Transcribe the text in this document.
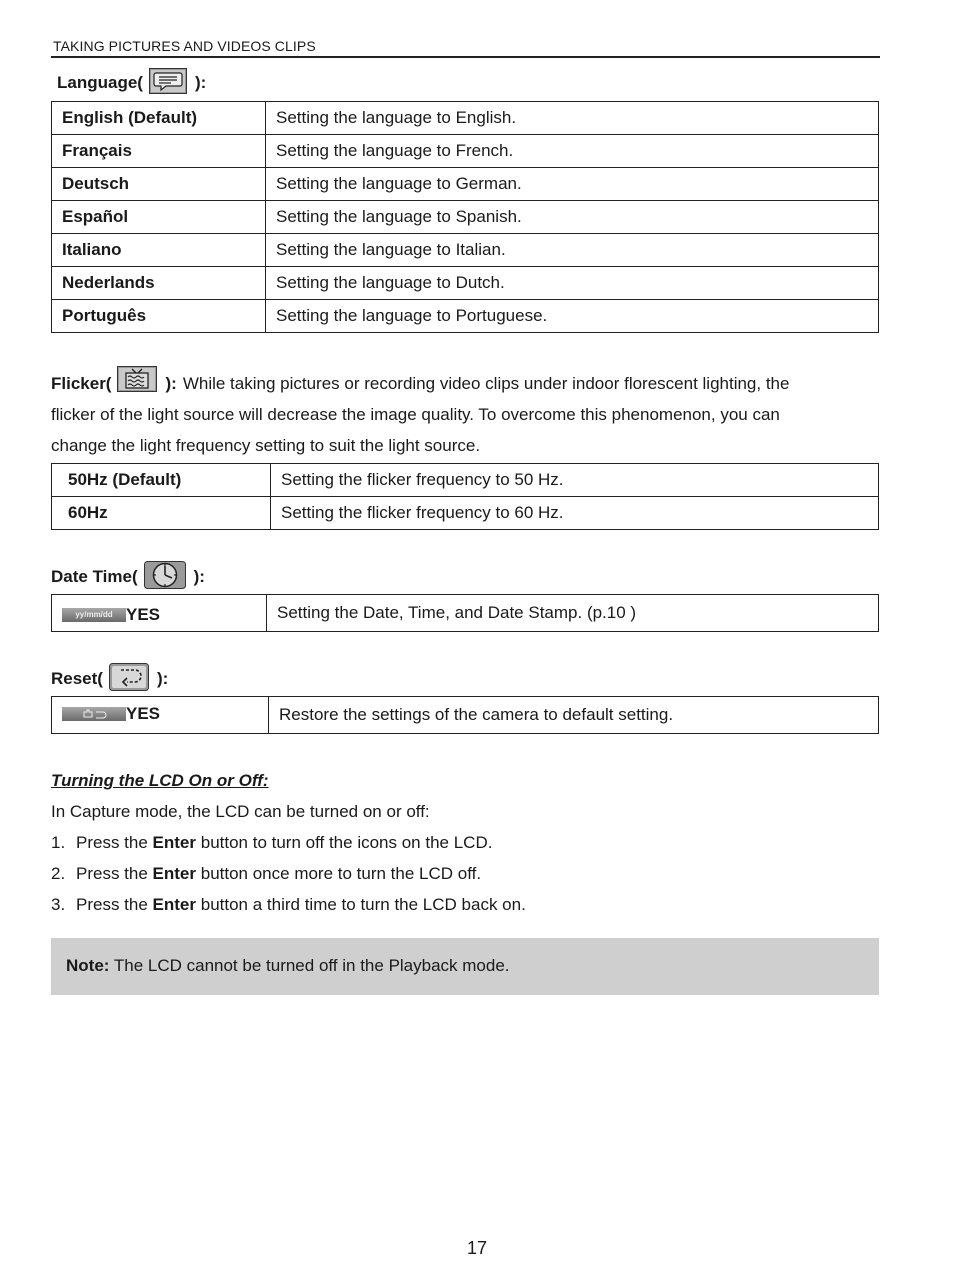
TAKING PICTURES AND VIDEOS CLIPS
Language(	):
English (Default)	Setting the language to English.
Français	Setting the language to French.
Deutsch	Setting the language to German.
Español	Setting the language to Spanish.
Italiano	Setting the language to Italian.
Nederlands	Setting the language to Dutch.
Português	Setting the language to Portuguese.
Flicker(	): While taking pictures or recording video clips under indoor florescent lighting, the
flicker of the light source will decrease the image quality. To overcome this phenomenon, you can
change the light frequency setting to suit the light source.
50Hz (Default)	Setting the flicker frequency to 50 Hz.
60Hz	Setting the flicker frequency to 60 Hz.
Date Time(	):
yy/mm/dd YES	Setting the Date, Time, and Date Stamp. (p.10 )
Reset(	):
YES	Restore the settings of the camera to default setting.
Turning the LCD On or Off:
In Capture mode, the LCD can be turned on or off:
1. Press the Enter button to turn off the icons on the LCD.
2. Press the Enter button once more to turn the LCD off.
3. Press the Enter button a third time to turn the LCD back on.
Note: The LCD cannot be turned off in the Playback mode.
17
